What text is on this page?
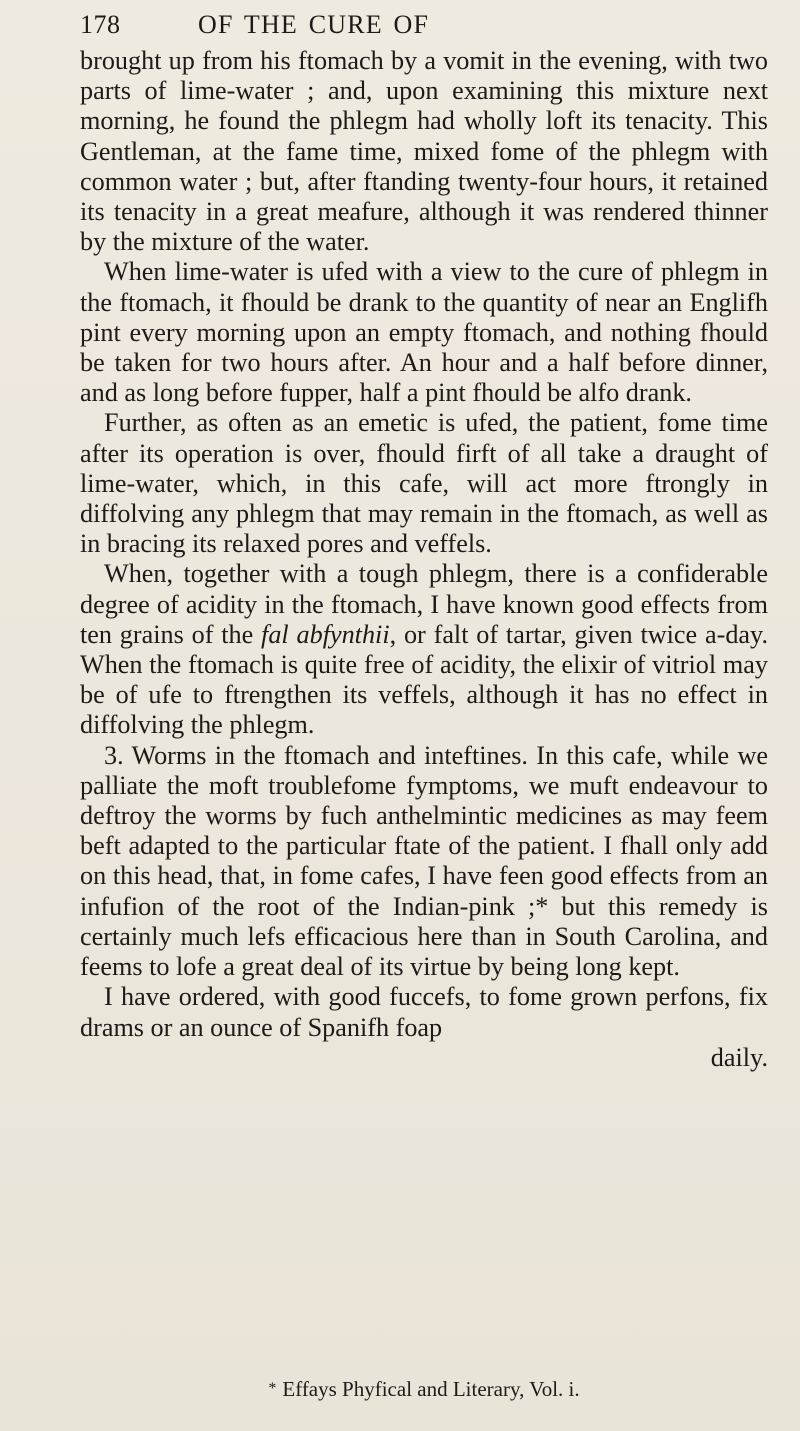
178	OF THE CURE OF

brought up from his ftomach by a vomit in the evening, with two parts of lime-water ; and, upon examining this mixture next morning, he found the phlegm had wholly loft its tenacity. This Gentleman, at the fame time, mixed fome of the phlegm with common water ; but, after ftanding twenty-four hours, it retained its tenacity in a great meafure, although it was rendered thinner by the mixture of the water.

When lime-water is ufed with a view to the cure of phlegm in the ftomach, it fhould be drank to the quantity of near an Englifh pint every morning upon an empty ftomach, and nothing fhould be taken for two hours after. An hour and a half before dinner, and as long before fupper, half a pint fhould be alfo drank.

Further, as often as an emetic is ufed, the patient, fome time after its operation is over, fhould firft of all take a draught of lime-water, which, in this cafe, will act more ftrongly in diffolving any phlegm that may remain in the ftomach, as well as in bracing its relaxed pores and veffels.

When, together with a tough phlegm, there is a confiderable degree of acidity in the ftomach, I have known good effects from ten grains of the fal abfynthii, or falt of tartar, given twice a-day. When the ftomach is quite free of acidity, the elixir of vitriol may be of ufe to ftrengthen its veffels, although it has no effect in diffolving the phlegm.

3. Worms in the ftomach and inteftines. In this cafe, while we palliate the moft troublefome fymptoms, we muft endeavour to deftroy the worms by fuch anthelmintic medicines as may feem beft adapted to the particular ftate of the patient. I fhall only add on this head, that, in fome cafes, I have feen good effects from an infufion of the root of the Indian-pink ;* but this remedy is certainly much lefs efficacious here than in South Carolina, and feems to lofe a great deal of its virtue by being long kept.

I have ordered, with good fuccefs, to fome grown perfons, fix drams or an ounce of Spanifh foap

daily.

* Effays Phyfical and Literary, Vol. i.
